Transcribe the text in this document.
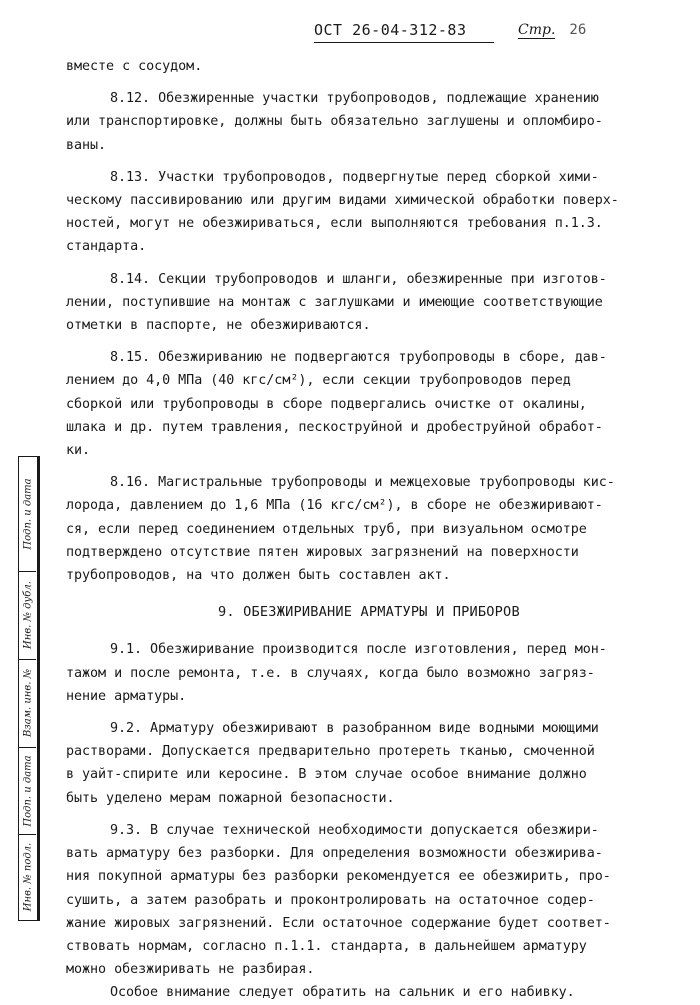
ОСТ 26-04-312-83	Стр. 26

вместе с сосудом.

8.12. Обезжиренные участки трубопроводов, подлежащие хранению

или транспортировке, должны быть обязательно заглушены и опломбиро-

ваны.

8.13. Участки трубопроводов, подвергнутые перед сборкой хими-

ческому пассивированию или другим видами химической обработки поверх-

ностей, могут не обезжириваться, если выполняются требования п.1.3.

стандарта.

8.14. Секции трубопроводов и шланги, обезжиренные при изготов-

лении, поступившие на монтаж с заглушками и имеющие соответствующие

отметки в паспорте, не обезжириваются.

8.15. Обезжириванию не подвергаются трубопроводы в сборе, дав-

лением до 4,0 МПа (40 кгс/см²), если секции трубопроводов перед

сборкой или трубопроводы в сборе подвергались очистке от окалины,

шлака и др. путем травления, пескоструйной и дробеструйной обработ-

ки.

8.16. Магистральные трубопроводы и межцеховые трубопроводы кис-

лорода, давлением до 1,6 МПа (16 кгс/см²), в сборе не обезжиривают-

ся, если перед соединением отдельных труб, при визуальном осмотре

подтверждено отсутствие пятен жировых загрязнений на поверхности

трубопроводов, на что должен быть составлен акт.

9. ОБЕЗЖИРИВАНИЕ АРМАТУРЫ И ПРИБОРОВ

9.1. Обезжиривание производится после изготовления, перед мон-

тажом и после ремонта, т.е. в случаях, когда было возможно загряз-

нение арматуры.

9.2. Арматуру обезжиривают в разобранном виде водными моющими

растворами. Допускается предварительно протереть тканью, смоченной

в уайт-спирите или керосине. В этом случае особое внимание должно

быть уделено мерам пожарной безопасности.

9.3. В случае технической необходимости допускается обезжири-

вать арматуру без разборки. Для определения возможности обезжирива-

ния покупной арматуры без разборки рекомендуется ее обезжирить, про-

сушить, а затем разобрать и проконтролировать на остаточное содер-

жание жировых загрязнений. Если остаточное содержание будет соответ-

ствовать нормам, согласно п.1.1. стандарта, в дальнейшем арматуру

можно обезжиривать не разбирая.

Особое внимание следует обратить на сальник и его набивку.

Подп. и дата
Инв. № дубл.
Взам. инв. №
Подп. и дата
Инв. № подл.
